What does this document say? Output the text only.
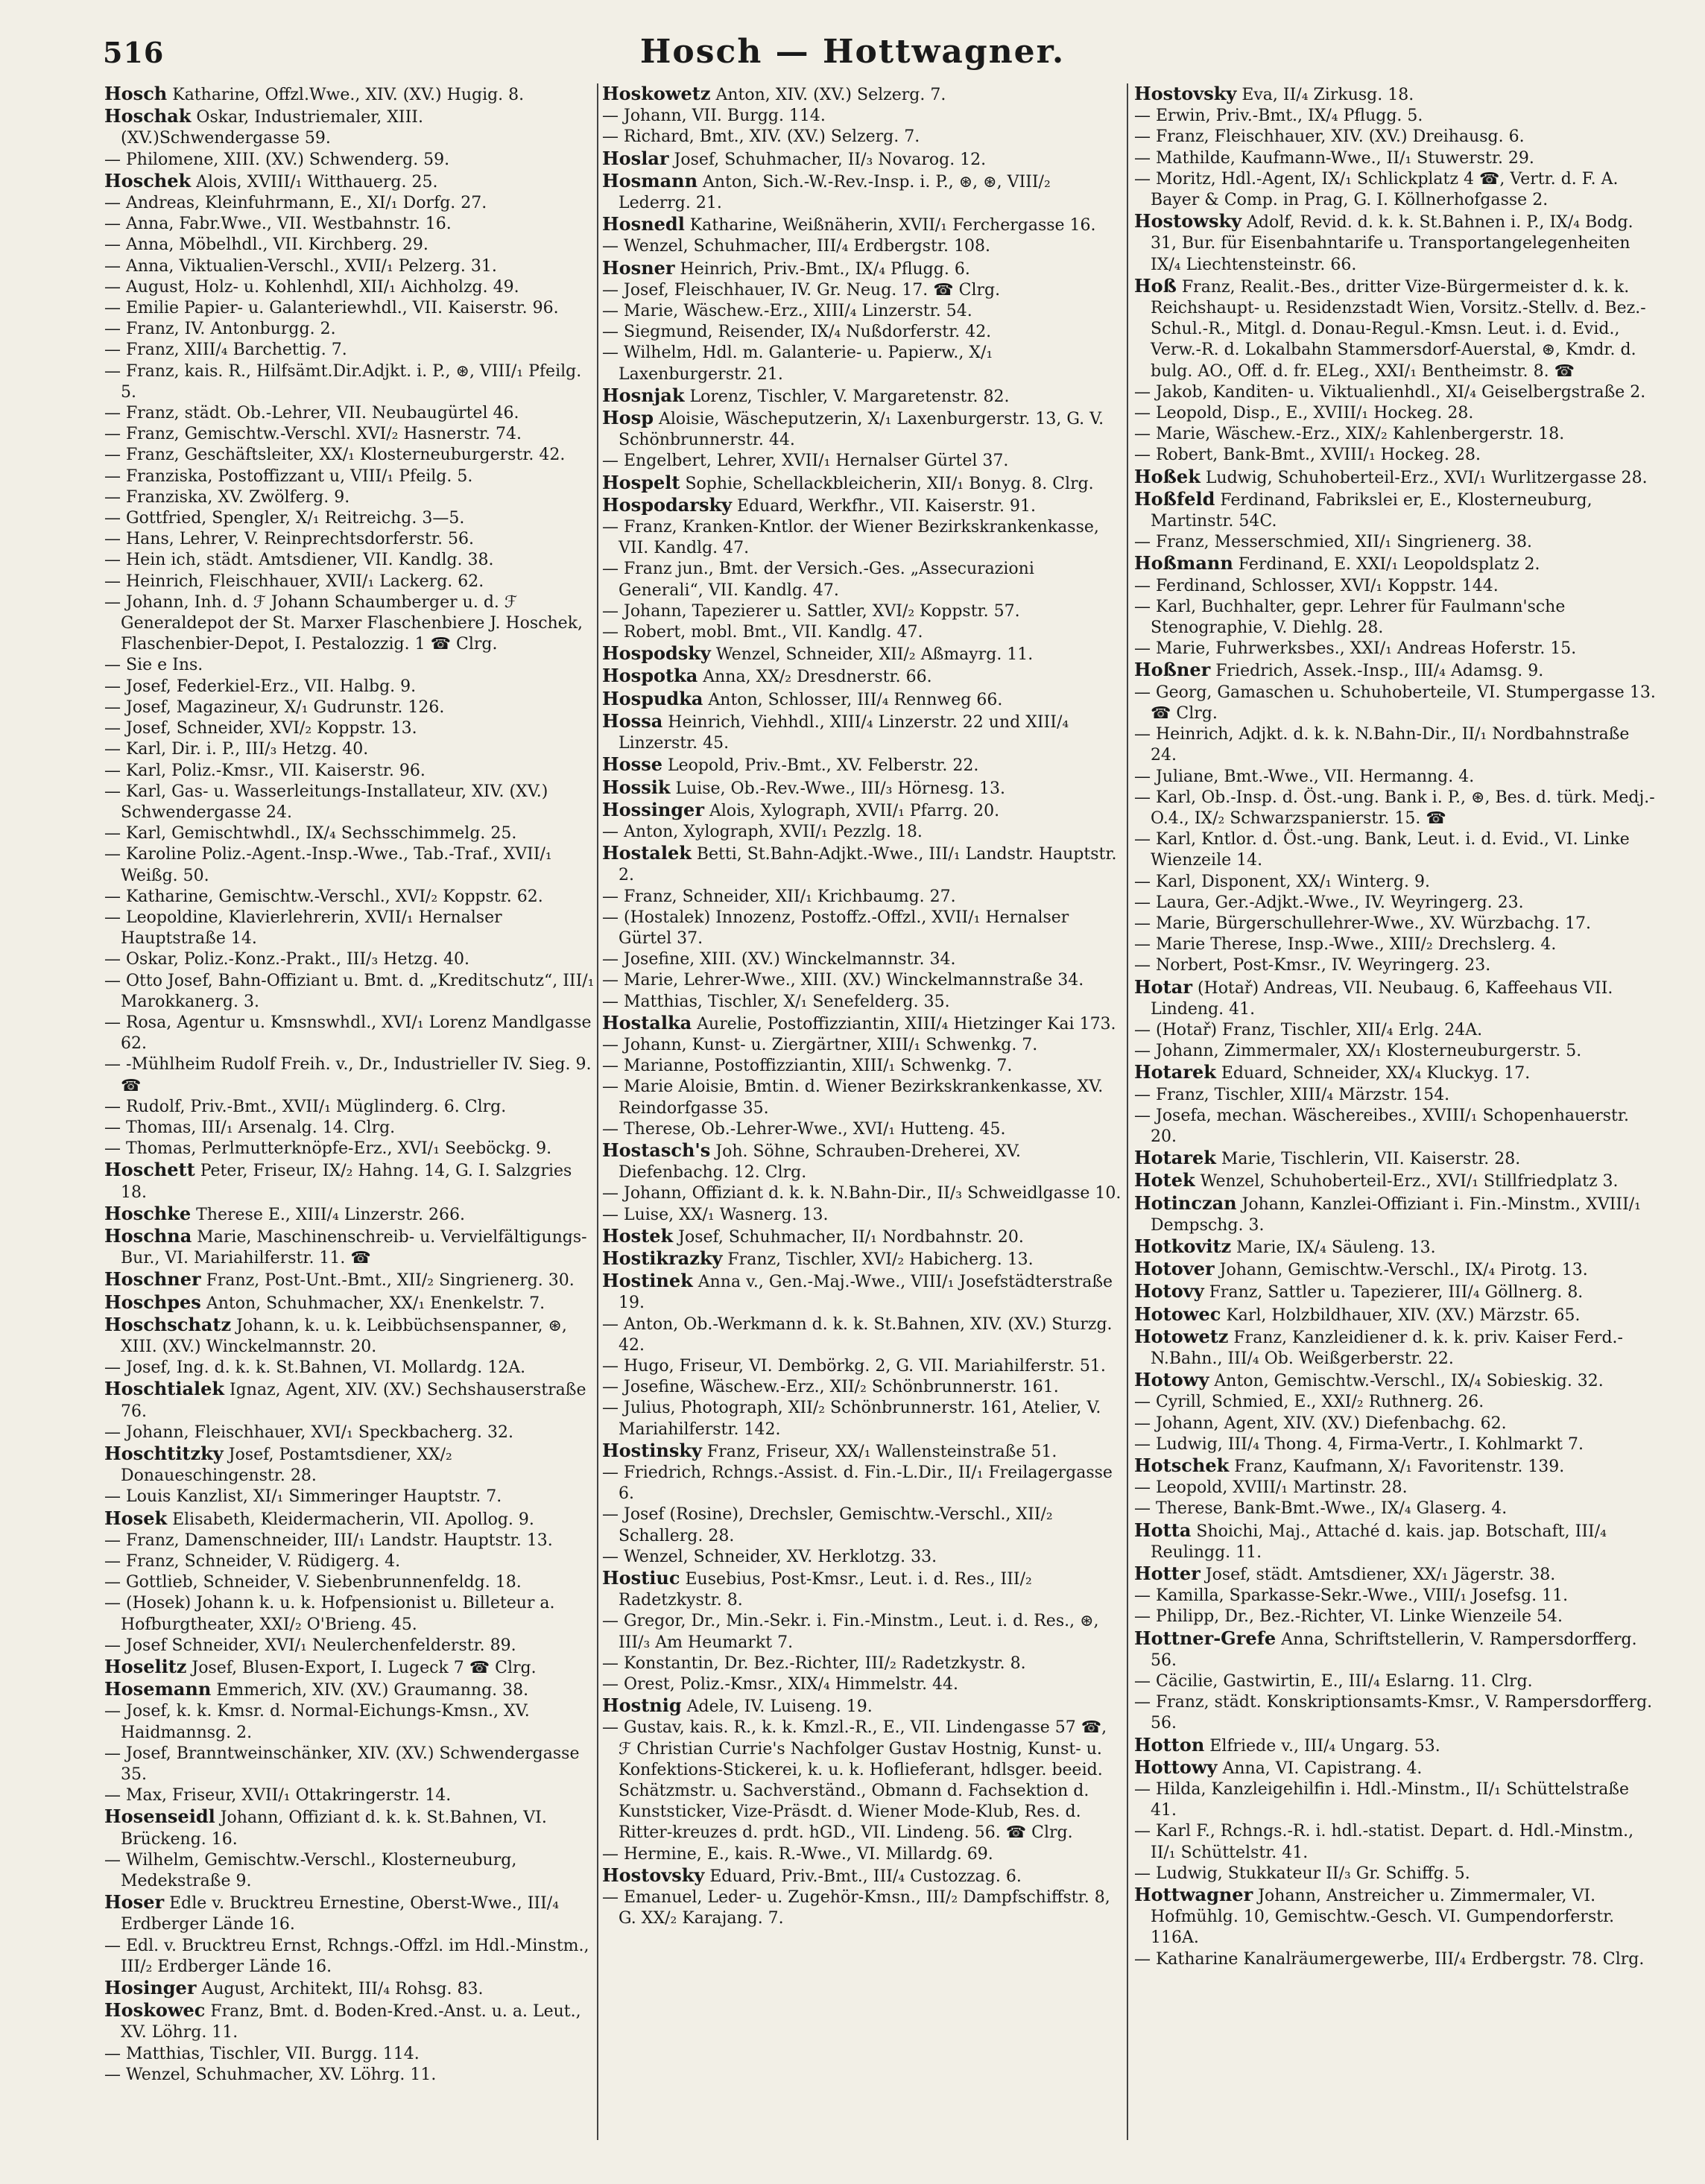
516	Hosch — Hottwagner.

Hosch Katharine, Offzl.Wwe., XIV. (XV.) Hugig. 8.

Hoschak Oskar, Industriemaler, XIII.(XV.)Schwendergasse 59.

— Philomene, XIII. (XV.) Schwenderg. 59.

Hoschek Alois, XVIII/₁ Witthauerg. 25.

— Andreas, Kleinfuhrmann, E., XI/₁ Dorfg. 27.

— Anna, Fabr.Wwe., VII. Westbahnstr. 16.

— Anna, Möbelhdl., VII. Kirchberg. 29.

— Anna, Viktualien-Verschl., XVII/₁ Pelzerg. 31.

— August, Holz- u. Kohlenhdl, XII/₁ Aichholzg. 49.

— Emilie Papier- u. Galanteriewhdl., VII. Kaiserstr. 96.

— Franz, IV. Antonburgg. 2.

— Franz, XIII/₄ Barchettig. 7.

— Franz, kais. R., Hilfsämt.Dir.Adjkt. i. P., ⊛, VIII/₁ Pfeilg. 5.

— Franz, städt. Ob.-Lehrer, VII. Neubaugürtel 46.

— Franz, Gemischtw.-Verschl. XVI/₂ Hasnerstr. 74.

— Franz, Geschäftsleiter, XX/₁ Klosterneuburgerstr. 42.

— Franziska, Postoffizzant u, VIII/₁ Pfeilg. 5.

— Franziska, XV. Zwölferg. 9.

— Gottfried, Spengler, X/₁ Reitreichg. 3—5.

— Hans, Lehrer, V. Reinprechtsdorferstr. 56.

— Hein ich, städt. Amtsdiener, VII. Kandlg. 38.

— Heinrich, Fleischhauer, XVII/₁ Lackerg. 62.

— Johann, Inh. d. ℱ Johann Schaumberger u. d. ℱ Generaldepot der St. Marxer Flaschenbiere J. Hoschek, Flaschenbier-Depot, I. Pestalozzig. 1 ☎ Clrg.

— Sie e Ins.

— Josef, Federkiel-Erz., VII. Halbg. 9.

— Josef, Magazineur, X/₁ Gudrunstr. 126.

— Josef, Schneider, XVI/₂ Koppstr. 13.

— Karl, Dir. i. P., III/₃ Hetzg. 40.

— Karl, Poliz.-Kmsr., VII. Kaiserstr. 96.

— Karl, Gas- u. Wasserleitungs-Installateur, XIV. (XV.) Schwendergasse 24.

— Karl, Gemischtwhdl., IX/₄ Sechsschimmelg. 25.

— Karoline Poliz.-Agent.-Insp.-Wwe., Tab.-Traf., XVII/₁ Weißg. 50.

— Katharine, Gemischtw.-Verschl., XVI/₂ Koppstr. 62.

— Leopoldine, Klavierlehrerin, XVII/₁ Hernalser Hauptstraße 14.

— Oskar, Poliz.-Konz.-Prakt., III/₃ Hetzg. 40.

— Otto Josef, Bahn-Offiziant u. Bmt. d. „Kreditschutz“, III/₁ Marokkanerg. 3.

— Rosa, Agentur u. Kmsnswhdl., XVI/₁ Lorenz Mandlgasse 62.

— -Mühlheim Rudolf Freih. v., Dr., Industrieller IV. Sieg. 9. ☎

— Rudolf, Priv.-Bmt., XVII/₁ Müglinderg. 6. Clrg.

— Thomas, III/₁ Arsenalg. 14. Clrg.

— Thomas, Perlmutterknöpfe-Erz., XVI/₁ Seeböckg. 9.

Hoschett Peter, Friseur, IX/₂ Hahng. 14, G. I. Salzgries 18.

Hoschke Therese E., XIII/₄ Linzerstr. 266.

Hoschna Marie, Maschinenschreib- u. Vervielfältigungs-Bur., VI. Mariahilferstr. 11. ☎

Hoschner Franz, Post-Unt.-Bmt., XII/₂ Singrienerg. 30.

Hoschpes Anton, Schuhmacher, XX/₁ Enenkelstr. 7.

Hoschschatz Johann, k. u. k. Leibbüchsenspanner, ⊛, XIII. (XV.) Winckelmannstr. 20.

— Josef, Ing. d. k. k. St.Bahnen, VI. Mollardg. 12A.

Hoschtialek Ignaz, Agent, XIV. (XV.) Sechshauserstraße 76.

— Johann, Fleischhauer, XVI/₁ Speckbacherg. 32.

Hoschtitzky Josef, Postamtsdiener, XX/₂ Donaueschingenstr. 28.

— Louis Kanzlist, XI/₁ Simmeringer Hauptstr. 7.

Hosek Elisabeth, Kleidermacherin, VII. Apollog. 9.

— Franz, Damenschneider, III/₁ Landstr. Hauptstr. 13.

— Franz, Schneider, V. Rüdigerg. 4.

— Gottlieb, Schneider, V. Siebenbrunnenfeldg. 18.

— (Hosek) Johann k. u. k. Hofpensionist u. Billeteur a. Hofburgtheater, XXI/₂ O'Brieng. 45.

— Josef Schneider, XVI/₁ Neulerchenfelderstr. 89.

Hoselitz Josef, Blusen-Export, I. Lugeck 7 ☎ Clrg.

Hosemann Emmerich, XIV. (XV.) Graumanng. 38.

— Josef, k. k. Kmsr. d. Normal-Eichungs-Kmsn., XV. Haidmannsg. 2.

— Josef, Branntweinschänker, XIV. (XV.) Schwendergasse 35.

— Max, Friseur, XVII/₁ Ottakringerstr. 14.

Hosenseidl Johann, Offiziant d. k. k. St.Bahnen, VI. Brückeng. 16.

— Wilhelm, Gemischtw.-Verschl., Klosterneuburg, Medekstraße 9.

Hoser Edle v. Brucktreu Ernestine, Oberst-Wwe., III/₄ Erdberger Lände 16.

— Edl. v. Brucktreu Ernst, Rchngs.-Offzl. im Hdl.-Minstm., III/₂ Erdberger Lände 16.

Hosinger August, Architekt, III/₄ Rohsg. 83.

Hoskowec Franz, Bmt. d. Boden-Kred.-Anst. u. a. Leut., XV. Löhrg. 11.

— Matthias, Tischler, VII. Burgg. 114.

— Wenzel, Schuhmacher, XV. Löhrg. 11.

Hoskowetz Anton, XIV. (XV.) Selzerg. 7.

— Johann, VII. Burgg. 114.

— Richard, Bmt., XIV. (XV.) Selzerg. 7.

Hoslar Josef, Schuhmacher, II/₃ Novarog. 12.

Hosmann Anton, Sich.-W.-Rev.-Insp. i. P., ⊛, ⊛, VIII/₂ Lederrg. 21.

Hosnedl Katharine, Weißnäherin, XVII/₁ Ferchergasse 16.

— Wenzel, Schuhmacher, III/₄ Erdbergstr. 108.

Hosner Heinrich, Priv.-Bmt., IX/₄ Pflugg. 6.

— Josef, Fleischhauer, IV. Gr. Neug. 17. ☎ Clrg.

— Marie, Wäschew.-Erz., XIII/₄ Linzerstr. 54.

— Siegmund, Reisender, IX/₄ Nußdorferstr. 42.

— Wilhelm, Hdl. m. Galanterie- u. Papierw., X/₁ Laxenburgerstr. 21.

Hosnjak Lorenz, Tischler, V. Margaretenstr. 82.

Hosp Aloisie, Wäscheputzerin, X/₁ Laxenburgerstr. 13, G. V. Schönbrunnerstr. 44.

— Engelbert, Lehrer, XVII/₁ Hernalser Gürtel 37.

Hospelt Sophie, Schellackbleicherin, XII/₁ Bonyg. 8. Clrg.

Hospodarsky Eduard, Werkfhr., VII. Kaiserstr. 91.

— Franz, Kranken-Kntlor. der Wiener Bezirkskrankenkasse, VII. Kandlg. 47.

— Franz jun., Bmt. der Versich.-Ges. „Assecurazioni Generali“, VII. Kandlg. 47.

— Johann, Tapezierer u. Sattler, XVI/₂ Koppstr. 57.

— Robert, mobl. Bmt., VII. Kandlg. 47.

Hospodsky Wenzel, Schneider, XII/₂ Aßmayrg. 11.

Hospotka Anna, XX/₂ Dresdnerstr. 66.

Hospudka Anton, Schlosser, III/₄ Rennweg 66.

Hossa Heinrich, Viehhdl., XIII/₄ Linzerstr. 22 und XIII/₄ Linzerstr. 45.

Hosse Leopold, Priv.-Bmt., XV. Felberstr. 22.

Hossik Luise, Ob.-Rev.-Wwe., III/₃ Hörnesg. 13.

Hossinger Alois, Xylograph, XVII/₁ Pfarrg. 20.

— Anton, Xylograph, XVII/₁ Pezzlg. 18.

Hostalek Betti, St.Bahn-Adjkt.-Wwe., III/₁ Landstr. Hauptstr. 2.

— Franz, Schneider, XII/₁ Krichbaumg. 27.

— (Hostalek) Innozenz, Postoffz.-Offzl., XVII/₁ Hernalser Gürtel 37.

— Josefine, XIII. (XV.) Winckelmannstr. 34.

— Marie, Lehrer-Wwe., XIII. (XV.) Winckelmannstraße 34.

— Matthias, Tischler, X/₁ Senefelderg. 35.

Hostalka Aurelie, Postoffizziantin, XIII/₄ Hietzinger Kai 173.

— Johann, Kunst- u. Ziergärtner, XIII/₁ Schwenkg. 7.

— Marianne, Postoffizziantin, XIII/₁ Schwenkg. 7.

— Marie Aloisie, Bmtin. d. Wiener Bezirkskrankenkasse, XV. Reindorfgasse 35.

— Therese, Ob.-Lehrer-Wwe., XVI/₁ Hutteng. 45.

Hostasch's Joh. Söhne, Schrauben-Dreherei, XV. Diefenbachg. 12. Clrg.

— Johann, Offiziant d. k. k. N.Bahn-Dir., II/₃ Schweidlgasse 10.

— Luise, XX/₁ Wasnerg. 13.

Hostek Josef, Schuhmacher, II/₁ Nordbahnstr. 20.

Hostikrazky Franz, Tischler, XVI/₂ Habicherg. 13.

Hostinek Anna v., Gen.-Maj.-Wwe., VIII/₁ Josefstädterstraße 19.

— Anton, Ob.-Werkmann d. k. k. St.Bahnen, XIV. (XV.) Sturzg. 42.

— Hugo, Friseur, VI. Dembörkg. 2, G. VII. Mariahilferstr. 51.

— Josefine, Wäschew.-Erz., XII/₂ Schönbrunnerstr. 161.

— Julius, Photograph, XII/₂ Schönbrunnerstr. 161, Atelier, V. Mariahilferstr. 142.

Hostinsky Franz, Friseur, XX/₁ Wallensteinstraße 51.

— Friedrich, Rchngs.-Assist. d. Fin.-L.Dir., II/₁ Freilagergasse 6.

— Josef (Rosine), Drechsler, Gemischtw.-Verschl., XII/₂ Schallerg. 28.

— Wenzel, Schneider, XV. Herklotzg. 33.

Hostiuc Eusebius, Post-Kmsr., Leut. i. d. Res., III/₂ Radetzkystr. 8.

— Gregor, Dr., Min.-Sekr. i. Fin.-Minstm., Leut. i. d. Res., ⊛, III/₃ Am Heumarkt 7.

— Konstantin, Dr. Bez.-Richter, III/₂ Radetzkystr. 8.

— Orest, Poliz.-Kmsr., XIX/₄ Himmelstr. 44.

Hostnig Adele, IV. Luiseng. 19.

— Gustav, kais. R., k. k. Kmzl.-R., E., VII. Lindengasse 57 ☎, ℱ Christian Currie's Nachfolger Gustav Hostnig, Kunst- u. Konfektions-Stickerei, k. u. k. Hoflieferant, hdlsger. beeid. Schätzmstr. u. Sachverständ., Obmann d. Fachsektion d. Kunststicker, Vize-Präsdt. d. Wiener Mode-Klub, Res. d. Ritter-kreuzes d. prdt. hGD., VII. Lindeng. 56. ☎ Clrg.

— Hermine, E., kais. R.-Wwe., VI. Millardg. 69.

Hostovsky Eduard, Priv.-Bmt., III/₄ Custozzag. 6.

— Emanuel, Leder- u. Zugehör-Kmsn., III/₂ Dampfschiffstr. 8, G. XX/₂ Karajang. 7.

Hostovsky Eva, II/₄ Zirkusg. 18.

— Erwin, Priv.-Bmt., IX/₄ Pflugg. 5.

— Franz, Fleischhauer, XIV. (XV.) Dreihausg. 6.

— Mathilde, Kaufmann-Wwe., II/₁ Stuwerstr. 29.

— Moritz, Hdl.-Agent, IX/₁ Schlickplatz 4 ☎, Vertr. d. F. A. Bayer & Comp. in Prag, G. I. Köllnerhofgasse 2.

Hostowsky Adolf, Revid. d. k. k. St.Bahnen i. P., IX/₄ Bodg. 31, Bur. für Eisenbahntarife u. Transportangelegenheiten IX/₄ Liechtensteinstr. 66.

Hoß Franz, Realit.-Bes., dritter Vize-Bürgermeister d. k. k. Reichshaupt- u. Residenzstadt Wien, Vorsitz.-Stellv. d. Bez.-Schul.-R., Mitgl. d. Donau-Regul.-Kmsn. Leut. i. d. Evid., Verw.-R. d. Lokalbahn Stammersdorf-Auerstal, ⊛, Kmdr. d. bulg. AO., Off. d. fr. ELeg., XXI/₁ Bentheimstr. 8. ☎

— Jakob, Kanditen- u. Viktualienhdl., XI/₄ Geiselbergstraße 2.

— Leopold, Disp., E., XVIII/₁ Hockeg. 28.

— Marie, Wäschew.-Erz., XIX/₂ Kahlenbergerstr. 18.

— Robert, Bank-Bmt., XVIII/₁ Hockeg. 28.

Hoßek Ludwig, Schuhoberteil-Erz., XVI/₁ Wurlitzergasse 28.

Hoßfeld Ferdinand, Fabrikslei er, E., Klosterneuburg, Martinstr. 54C.

— Franz, Messerschmied, XII/₁ Singrienerg. 38.

Hoßmann Ferdinand, E. XXI/₁ Leopoldsplatz 2.

— Ferdinand, Schlosser, XVI/₁ Koppstr. 144.

— Karl, Buchhalter, gepr. Lehrer für Faulmann'sche Stenographie, V. Diehlg. 28.

— Marie, Fuhrwerksbes., XXI/₁ Andreas Hoferstr. 15.

Hoßner Friedrich, Assek.-Insp., III/₄ Adamsg. 9.

— Georg, Gamaschen u. Schuhoberteile, VI. Stumpergasse 13. ☎ Clrg.

— Heinrich, Adjkt. d. k. k. N.Bahn-Dir., II/₁ Nordbahnstraße 24.

— Juliane, Bmt.-Wwe., VII. Hermanng. 4.

— Karl, Ob.-Insp. d. Öst.-ung. Bank i. P., ⊛, Bes. d. türk. Medj.-O.4., IX/₂ Schwarzspanierstr. 15. ☎

— Karl, Kntlor. d. Öst.-ung. Bank, Leut. i. d. Evid., VI. Linke Wienzeile 14.

— Karl, Disponent, XX/₁ Winterg. 9.

— Laura, Ger.-Adjkt.-Wwe., IV. Weyringerg. 23.

— Marie, Bürgerschullehrer-Wwe., XV. Würzbachg. 17.

— Marie Therese, Insp.-Wwe., XIII/₂ Drechslerg. 4.

— Norbert, Post-Kmsr., IV. Weyringerg. 23.

Hotar (Hotař) Andreas, VII. Neubaug. 6, Kaffeehaus VII. Lindeng. 41.

— (Hotař) Franz, Tischler, XII/₄ Erlg. 24A.

— Johann, Zimmermaler, XX/₁ Klosterneuburgerstr. 5.

Hotarek Eduard, Schneider, XX/₄ Kluckyg. 17.

— Franz, Tischler, XIII/₄ Märzstr. 154.

— Josefa, mechan. Wäschereibes., XVIII/₁ Schopenhauerstr. 20.

Hotarek Marie, Tischlerin, VII. Kaiserstr. 28.

Hotek Wenzel, Schuhoberteil-Erz., XVI/₁ Stillfriedplatz 3.

Hotinczan Johann, Kanzlei-Offiziant i. Fin.-Minstm., XVIII/₁ Dempschg. 3.

Hotkovitz Marie, IX/₄ Säuleng. 13.

Hotover Johann, Gemischtw.-Verschl., IX/₄ Pirotg. 13.

Hotovy Franz, Sattler u. Tapezierer, III/₄ Göllnerg. 8.

Hotowec Karl, Holzbildhauer, XIV. (XV.) Märzstr. 65.

Hotowetz Franz, Kanzleidiener d. k. k. priv. Kaiser Ferd.-N.Bahn., III/₄ Ob. Weißgerberstr. 22.

Hotowy Anton, Gemischtw.-Verschl., IX/₄ Sobieskig. 32.

— Cyrill, Schmied, E., XXI/₂ Ruthnerg. 26.

— Johann, Agent, XIV. (XV.) Diefenbachg. 62.

— Ludwig, III/₄ Thong. 4, Firma-Vertr., I. Kohlmarkt 7.

Hotschek Franz, Kaufmann, X/₁ Favoritenstr. 139.

— Leopold, XVIII/₁ Martinstr. 28.

— Therese, Bank-Bmt.-Wwe., IX/₄ Glaserg. 4.

Hotta Shoichi, Maj., Attaché d. kais. jap. Botschaft, III/₄ Reulingg. 11.

Hotter Josef, städt. Amtsdiener, XX/₁ Jägerstr. 38.

— Kamilla, Sparkasse-Sekr.-Wwe., VIII/₁ Josefsg. 11.

— Philipp, Dr., Bez.-Richter, VI. Linke Wienzeile 54.

Hottner-Grefe Anna, Schriftstellerin, V. Rampersdorfferg. 56.

— Cäcilie, Gastwirtin, E., III/₄ Eslarng. 11. Clrg.

— Franz, städt. Konskriptionsamts-Kmsr., V. Rampersdorfferg. 56.

Hotton Elfriede v., III/₄ Ungarg. 53.

Hottowy Anna, VI. Capistrang. 4.

— Hilda, Kanzleigehilfin i. Hdl.-Minstm., II/₁ Schüttelstraße 41.

— Karl F., Rchngs.-R. i. hdl.-statist. Depart. d. Hdl.-Minstm., II/₁ Schüttelstr. 41.

— Ludwig, Stukkateur II/₃ Gr. Schiffg. 5.

Hottwagner Johann, Anstreicher u. Zimmermaler, VI. Hofmühlg. 10, Gemischtw.-Gesch. VI. Gumpendorferstr. 116A.

— Katharine Kanalräumergewerbe, III/₄ Erdbergstr. 78. Clrg.
